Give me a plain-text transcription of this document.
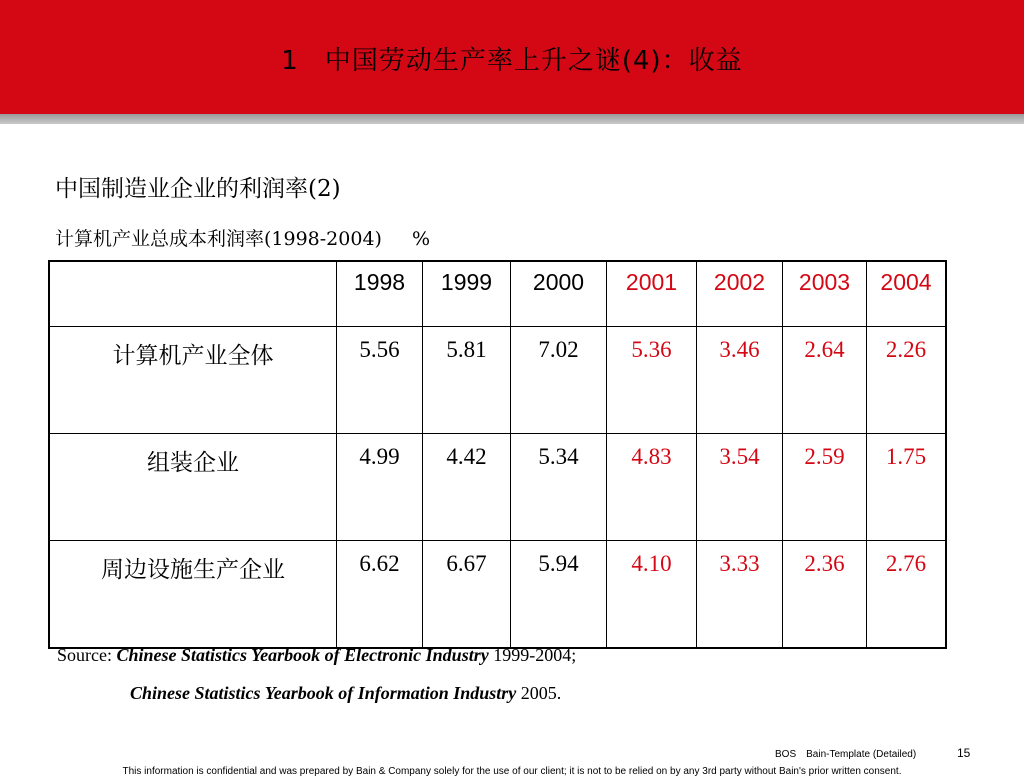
1 中国劳动生产率上升之谜(4)：收益
中国制造业企业的利润率(2)
计算机产业总成本利润率(1998-2004) %
	1998	1999	2000	2001	2002	2003	2004
计算机产业全体	5.56	5.81	7.02	5.36	3.46	2.64	2.26
组装企业	4.99	4.42	5.34	4.83	3.54	2.59	1.75
周边设施生产企业	6.62	6.67	5.94	4.10	3.33	2.36	2.76
Source: Chinese Statistics Yearbook of Electronic Industry 1999-2004;
Chinese Statistics Yearbook of Information Industry 2005.
BOS Bain-Template (Detailed)	15
This information is confidential and was prepared by Bain & Company solely for the use of our client; it is not to be relied on by any 3rd party without Bain's prior written consent.
